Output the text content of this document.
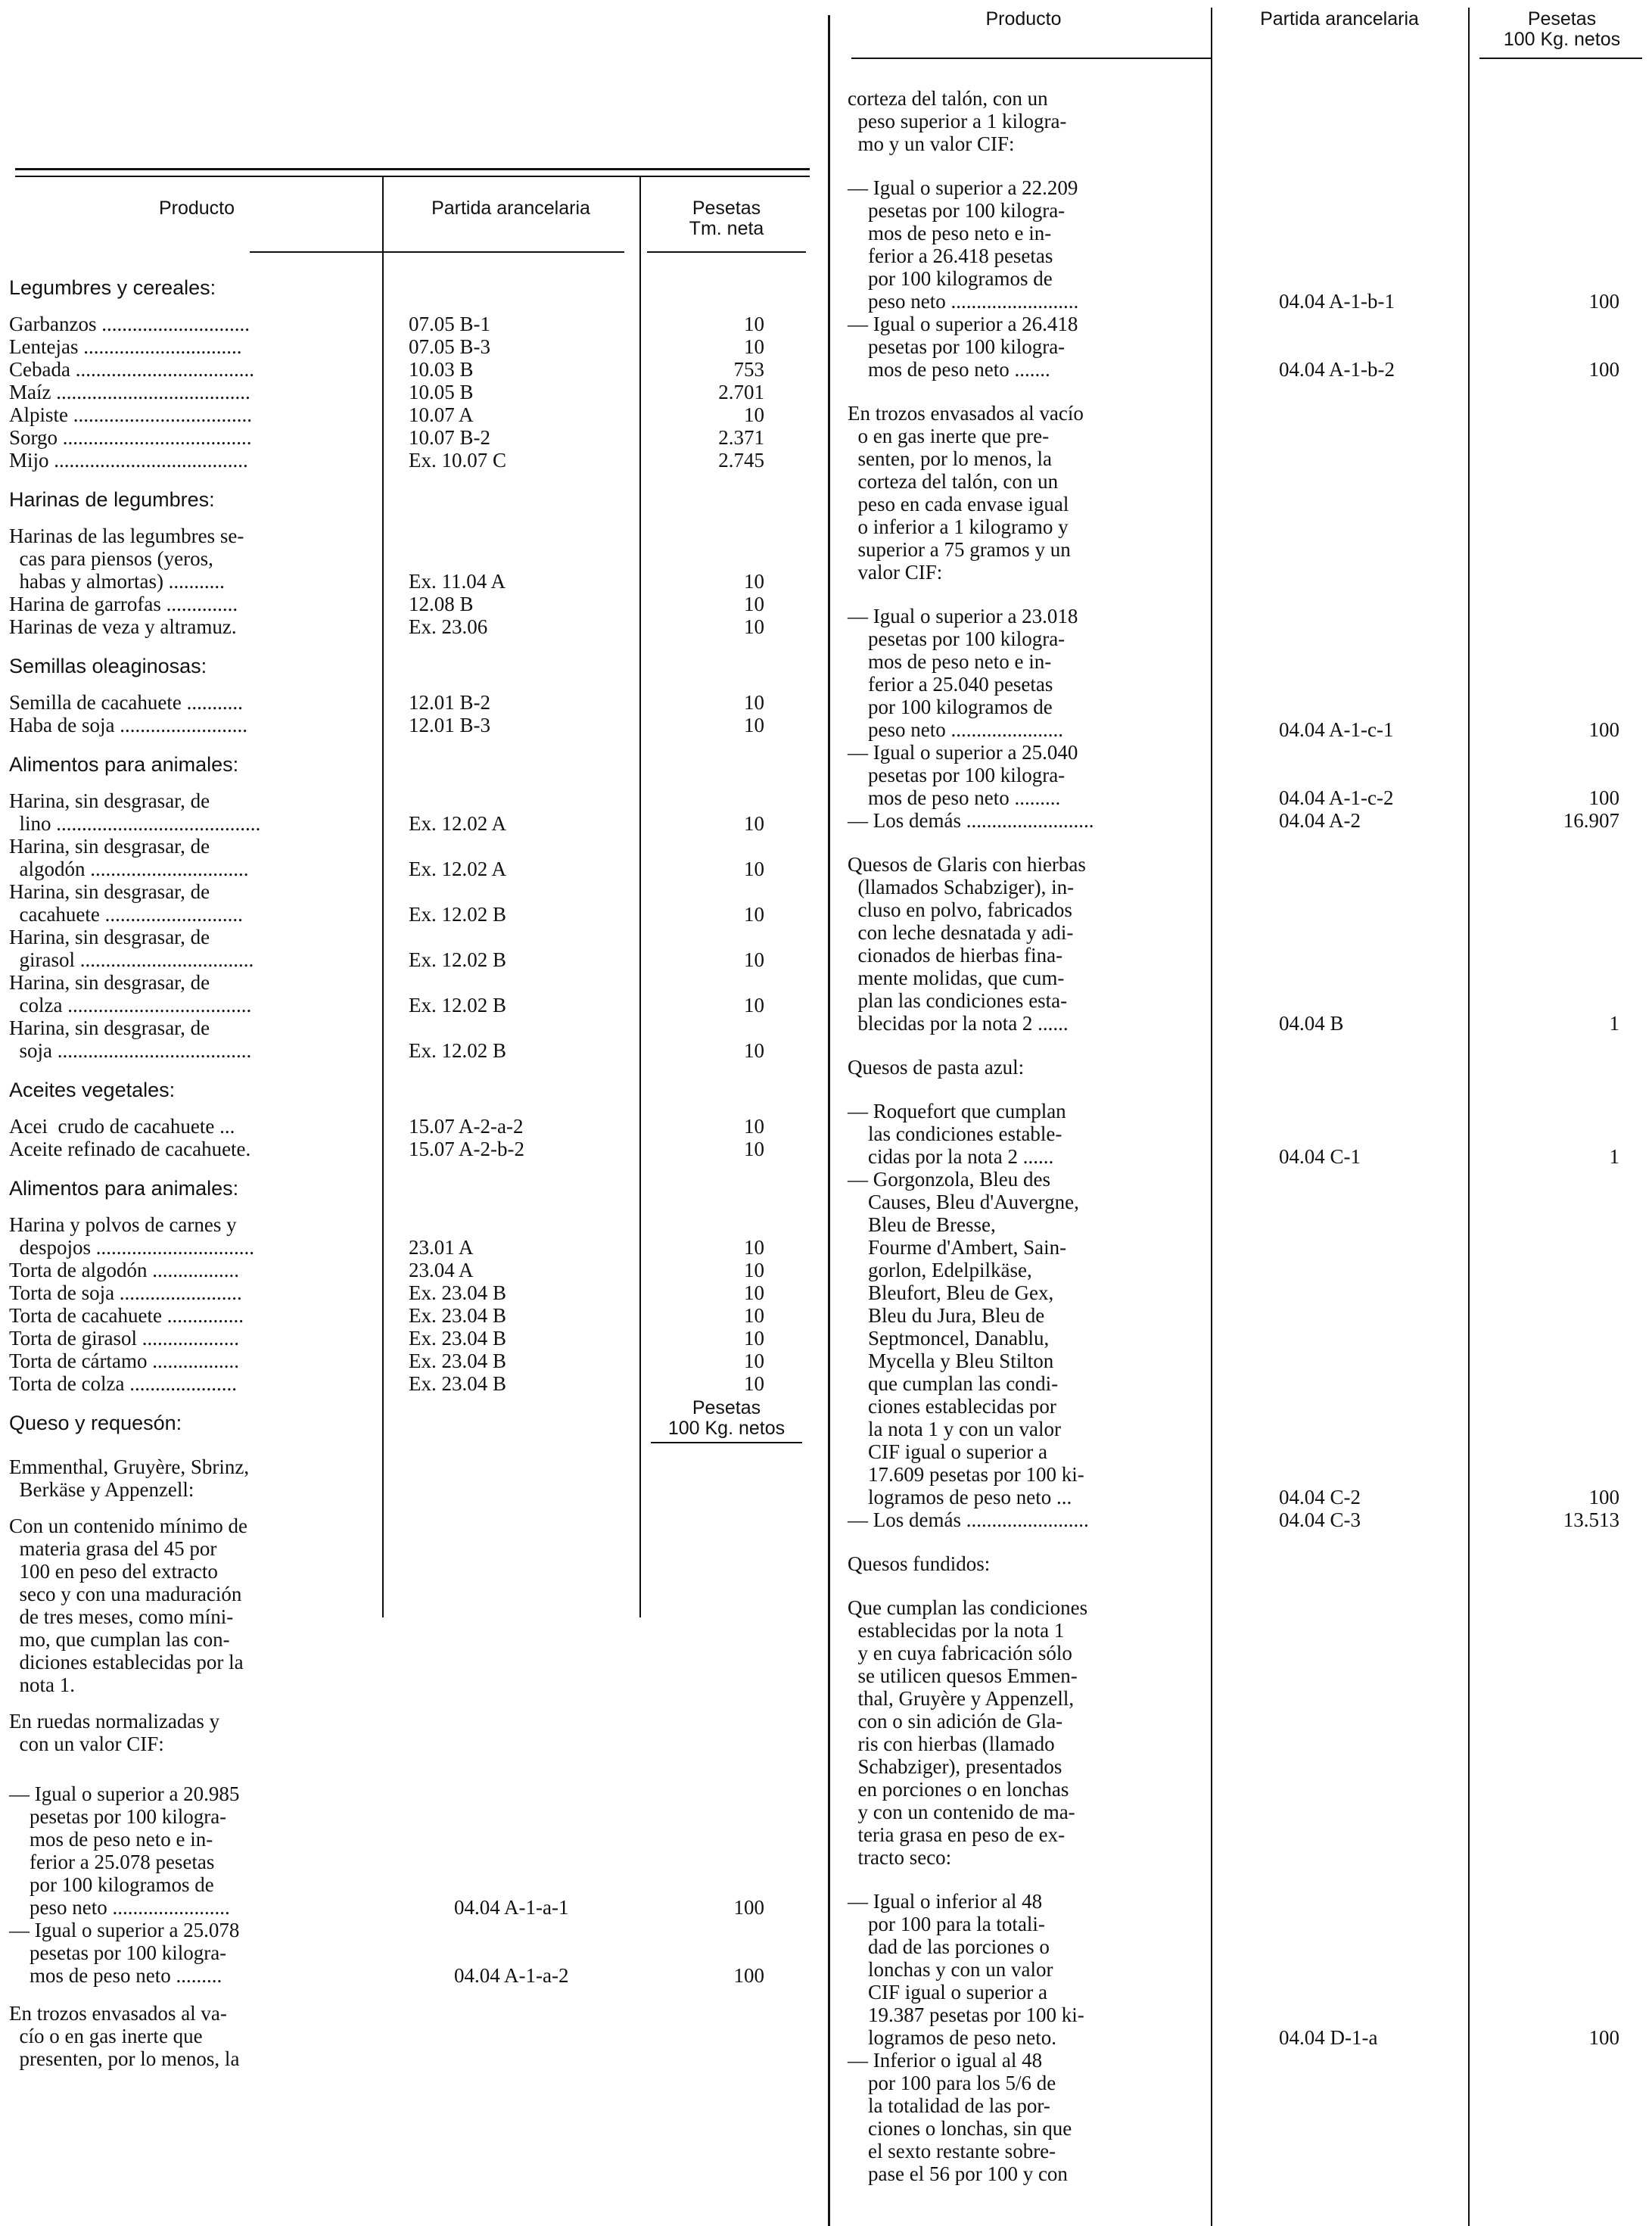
Producto	Partida arancelaria	Pesetas
Tm. neta
Legumbres y cereales:
Garbanzos .............................	07.05 B-1	10
Lentejas ...............................	07.05 B-3	10
Cebada ...................................	10.03 B	753
Maíz ......................................	10.05 B	2.701
Alpiste ...................................	10.07 A	10
Sorgo .....................................	10.07 B-2	2.371
Mijo ......................................	Ex. 10.07 C	2.745
Harinas de legumbres:
Harinas de las legumbres se-
cas para piensos (yeros,
habas y almortas) ...........	Ex. 11.04 A	10
Harina de garrofas ..............	12.08 B	10
Harinas de veza y altramuz.	Ex. 23.06	10
Semillas oleaginosas:
Semilla de cacahuete ...........	12.01 B-2	10
Haba de soja .........................	12.01 B-3	10
Alimentos para animales:
Harina, sin desgrasar, de
lino ........................................	Ex. 12.02 A	10
Harina, sin desgrasar, de
algodón ...............................	Ex. 12.02 A	10
Harina, sin desgrasar, de
cacahuete ...........................	Ex. 12.02 B	10
Harina, sin desgrasar, de
girasol ..................................	Ex. 12.02 B	10
Harina, sin desgrasar, de
colza ....................................	Ex. 12.02 B	10
Harina, sin desgrasar, de
soja ......................................	Ex. 12.02 B	10
Aceites vegetales:
Acei  crudo de cacahuete ...	15.07 A-2-a-2	10
Aceite refinado de cacahuete.	15.07 A-2-b-2	10
Alimentos para animales:
Harina y polvos de carnes y
despojos ...............................	23.01 A	10
Torta de algodón .................	23.04 A	10
Torta de soja ........................	Ex. 23.04 B	10
Torta de cacahuete ...............	Ex. 23.04 B	10
Torta de girasol ...................	Ex. 23.04 B	10
Torta de cártamo .................	Ex. 23.04 B	10
Torta de colza .....................	Ex. 23.04 B	10
Queso y requesón:
Pesetas
100 Kg. netos
Emmenthal, Gruyère, Sbrinz,
Berkäse y Appenzell:
Con un contenido mínimo de
materia grasa del 45 por
100 en peso del extracto
seco y con una maduración
de tres meses, como míni-
mo, que cumplan las con-
diciones establecidas por la
nota 1.
En ruedas normalizadas y
con un valor CIF:
— Igual o superior a 20.985
pesetas por 100 kilogra-
mos de peso neto e in-
ferior a 25.078 pesetas
por 100 kilogramos de
peso neto .......................	04.04 A-1-a-1	100
— Igual o superior a 25.078
pesetas por 100 kilogra-
mos de peso neto .........	04.04 A-1-a-2	100
En trozos envasados al va-
cío o en gas inerte que
presenten, por lo menos, la
Producto	Partida arancelaria	Pesetas
100 Kg. netos
corteza del talón, con un
peso superior a 1 kilogra-
mo y un valor CIF:
— Igual o superior a 22.209
pesetas por 100 kilogra-
mos de peso neto e in-
ferior a 26.418 pesetas
por 100 kilogramos de
peso neto .........................	04.04 A-1-b-1	100
— Igual o superior a 26.418
pesetas por 100 kilogra-
mos de peso neto .......	04.04 A-1-b-2	100
En trozos envasados al vacío
o en gas inerte que pre-
senten, por lo menos, la
corteza del talón, con un
peso en cada envase igual
o inferior a 1 kilogramo y
superior a 75 gramos y un
valor CIF:
— Igual o superior a 23.018
pesetas por 100 kilogra-
mos de peso neto e in-
ferior a 25.040 pesetas
por 100 kilogramos de
peso neto ......................	04.04 A-1-c-1	100
— Igual o superior a 25.040
pesetas por 100 kilogra-
mos de peso neto .........	04.04 A-1-c-2	100
— Los demás .........................	04.04 A-2	16.907
Quesos de Glaris con hierbas
(llamados Schabziger), in-
cluso en polvo, fabricados
con leche desnatada y adi-
cionados de hierbas fina-
mente molidas, que cum-
plan las condiciones esta-
blecidas por la nota 2 ......	04.04 B	1
Quesos de pasta azul:
— Roquefort que cumplan
las condiciones estable-
cidas por la nota 2 ......	04.04 C-1	1
— Gorgonzola, Bleu des
Causes, Bleu d'Auvergne,
Bleu de Bresse,
Fourme d'Ambert, Sain-
gorlon, Edelpilkäse,
Bleufort, Bleu de Gex,
Bleu du Jura, Bleu de
Septmoncel, Danablu,
Mycella y Bleu Stilton
que cumplan las condi-
ciones establecidas por
la nota 1 y con un valor
CIF igual o superior a
17.609 pesetas por 100 ki-
logramos de peso neto ...	04.04 C-2	100
— Los demás ........................	04.04 C-3	13.513
Quesos fundidos:
Que cumplan las condiciones
establecidas por la nota 1
y en cuya fabricación sólo
se utilicen quesos Emmen-
thal, Gruyère y Appenzell,
con o sin adición de Gla-
ris con hierbas (llamado
Schabziger), presentados
en porciones o en lonchas
y con un contenido de ma-
teria grasa en peso de ex-
tracto seco:
— Igual o inferior al 48
por 100 para la totali-
dad de las porciones o
lonchas y con un valor
CIF igual o superior a
19.387 pesetas por 100 ki-
logramos de peso neto.	04.04 D-1-a	100
— Inferior o igual al 48
por 100 para los 5/6 de
la totalidad de las por-
ciones o lonchas, sin que
el sexto restante sobre-
pase el 56 por 100 y con
